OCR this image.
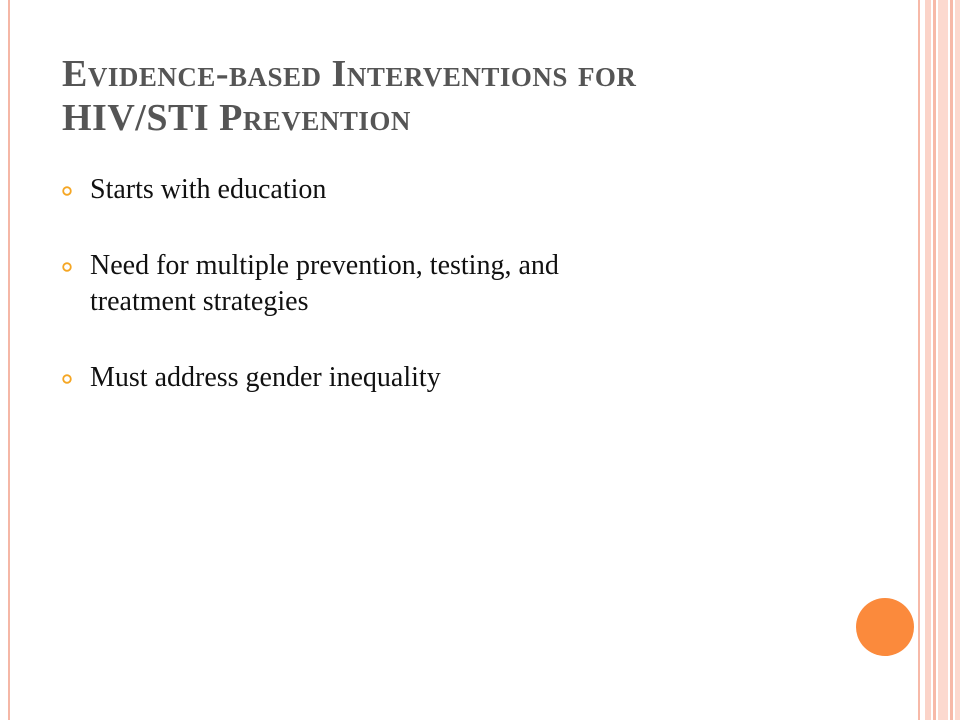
Evidence-based Interventions for
HIV/STI Prevention
Starts with education
Need for multiple prevention, testing, and
treatment strategies
Must address gender inequality
